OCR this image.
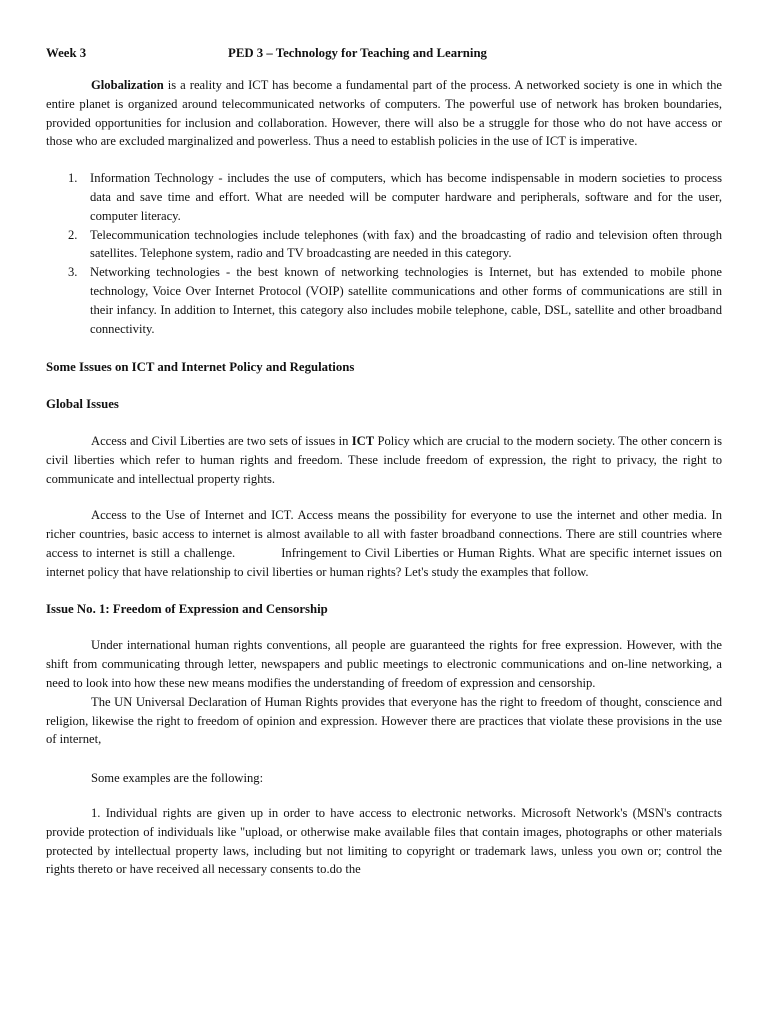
Week 3	PED 3 – Technology for Teaching and Learning

Globalization is a reality and ICT has become a fundamental part of the process. A networked society is one in which the entire planet is organized around telecommunicated networks of computers. The powerful use of network has broken boundaries, provided opportunities for inclusion and collaboration. However, there will also be a struggle for those who do not have access or those who are excluded marginalized and powerless. Thus a need to establish policies in the use of ICT is imperative.

1. Information Technology - includes the use of computers, which has become indispensable in modern societies to process data and save time and effort. What are needed will be computer hardware and peripherals, software and for the user, computer literacy.
2. Telecommunication technologies include telephones (with fax) and the broadcasting of radio and television often through satellites. Telephone system, radio and TV broadcasting are needed in this category.
3. Networking technologies - the best known of networking technologies is Internet, but has extended to mobile phone technology, Voice Over Internet Protocol (VOIP) satellite communications and other forms of communications are still in their infancy. In addition to Internet, this category also includes mobile telephone, cable, DSL, satellite and other broadband connectivity.
Some Issues on ICT and Internet Policy and Regulations
Global Issues

Access and Civil Liberties are two sets of issues in ICT Policy which are crucial to the modern society. The other concern is civil liberties which refer to human rights and freedom. These include freedom of expression, the right to privacy, the right to communicate and intellectual property rights.

Access to the Use of Internet and ICT. Access means the possibility for everyone to use the internet and other media. In richer countries, basic access to internet is almost available to all with faster broadband connections. There are still countries where access to internet is still a challenge.	Infringement to Civil Liberties or Human Rights. What are specific internet issues on internet policy that have relationship to civil liberties or human rights? Let's study the examples that follow.

Issue No. 1: Freedom of Expression and Censorship

Under international human rights conventions, all people are guaranteed the rights for free expression. However, with the shift from communicating through letter, newspapers and public meetings to electronic communications and on-line networking, a need to look into how these new means modifies the understanding of freedom of expression and censorship.

The UN Universal Declaration of Human Rights provides that everyone has the right to freedom of thought, conscience and religion, likewise the right to freedom of opinion and expression. However there are practices that violate these provisions in the use of internet,

Some examples are the following:

1. Individual rights are given up in order to have access to electronic networks. Microsoft Network's (MSN's contracts provide protection of individuals like "upload, or otherwise make available files that contain images, photographs or other materials protected by intellectual property laws, including but not limiting to copyright or trademark laws, unless you own or; control the rights thereto or have received all necessary consents to.do the
